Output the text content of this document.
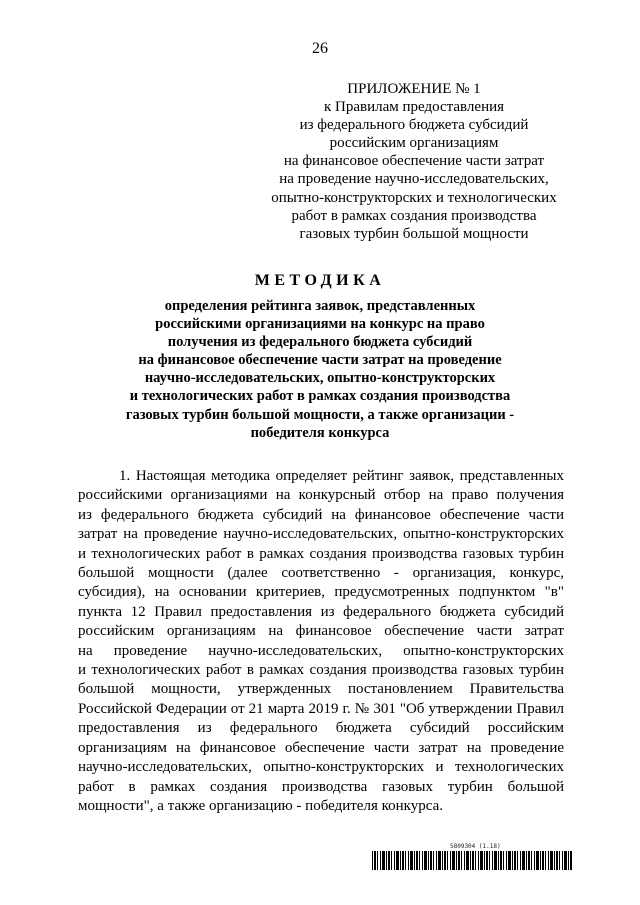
26
ПРИЛОЖЕНИЕ № 1
к Правилам предоставления
из федерального бюджета субсидий
российским организациям
на финансовое обеспечение части затрат
на проведение научно-исследовательских,
опытно-конструкторских и технологических
работ в рамках создания производства
газовых турбин большой мощности
МЕТОДИКА
определения рейтинга заявок, представленных
российскими организациями на конкурс на право
получения из федерального бюджета субсидий
на финансовое обеспечение части затрат на проведение
научно-исследовательских, опытно-конструкторских
и технологических работ в рамках создания производства
газовых турбин большой мощности, а также организации -
победителя конкурса
1. Настоящая методика определяет рейтинг заявок, представленных
российскими организациями на конкурсный отбор на право получения
из федерального бюджета субсидий на финансовое обеспечение части
затрат на проведение научно-исследовательских, опытно-конструкторских
и технологических работ в рамках создания производства газовых турбин
большой мощности (далее соответственно - организация, конкурс,
субсидия), на основании критериев, предусмотренных подпунктом "в"
пункта 12 Правил предоставления из федерального бюджета субсидий
российским организациям на финансовое обеспечение части затрат
на проведение научно-исследовательских, опытно-конструкторских
и технологических работ в рамках создания производства газовых турбин
большой мощности, утвержденных постановлением Правительства
Российской Федерации от 21 марта 2019 г. № 301 "Об утверждении Правил
предоставления из федерального бюджета субсидий российским
организациям на финансовое обеспечение части затрат на проведение
научно-исследовательских, опытно-конструкторских и технологических
работ в рамках создания производства газовых турбин большой
мощности", а также организацию - победителя конкурса.
5809304 (1.18)
